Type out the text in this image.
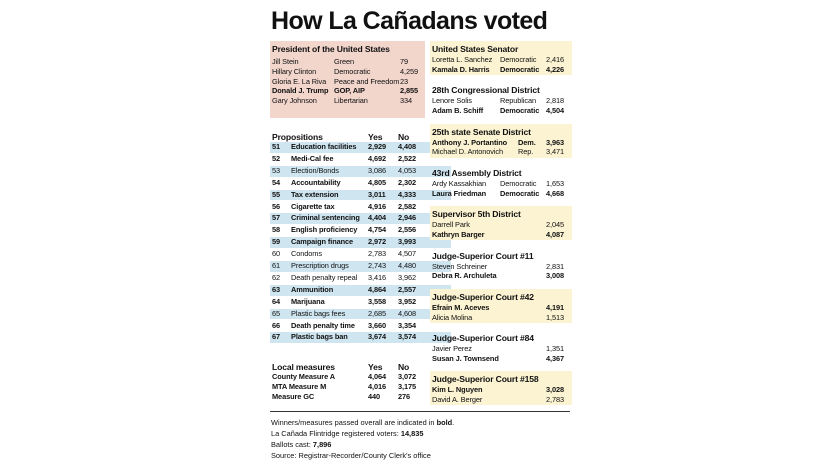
How La Cañadans voted
President of the United States
Jill Stein	Green	79
Hillary Clinton Democratic	4,259
Gloria E. La Riva Peace and Freedom 23
Donald J. Trump GOP, AIP	2,855
Gary Johnson Libertarian	334
Propositions	Yes No
51 Education facilities 2,929 4,408
52 Medi-Cal fee	4,692 2,522
53 Election/Bonds	3,086 4,053
54 Accountability	4,805 2,302
55 Tax extension	3,011 4,333
56 Cigarette tax	4,916 2,582
57 Criminal sentencing 4,404 2,946
58 English proficiency 4,754 2,556
59 Campaign finance 2,972 3,993
60 Condoms	2,783 4,507
61 Prescription drugs	2,743 4,480
62 Death penalty repeal 3,416 3,962
63 Ammunition	4,864 2,557
64 Marijuana	3,558 3,952
65 Plastic bags fees	2,685 4,608
66 Death penalty time 3,660 3,354
67 Plastic bags ban	3,674 3,574
Local measures	Yes No
County Measure A	4,064 3,072
MTA Measure M	4,016 3,175
Measure GC	440 276
United States Senator
Loretta L. Sanchez Democratic 2,416
Kamala D. Harris Democratic 4,226
28th Congressional District
Lenore Solis	Republican 2,818
Adam B. Schiff Democratic 4,504
25th state Senate District
Anthony J. Portantino Dem. 3,963
Michael D. Antonovich Rep. 3,471
43rd Assembly District
Ardy Kassakhian Democratic 1,653
Laura Friedman Democratic 4,668
Supervisor 5th District
Darrell Park	2,045
Kathryn Barger	4,087
Judge-Superior Court #11
Steven Schreiner	2,831
Debra R. Archuleta	3,008
Judge-Superior Court #42
Efrain M. Aceves	4,191
Alicia Molina	1,513
Judge-Superior Court #84
Javier Perez	1,351
Susan J. Townsend	4,367
Judge-Superior Court #158
Kim L. Nguyen	3,028
David A. Berger	2,783
Winners/measures passed overall are indicated in bold.
La Cañada Flintridge registered voters: 14,835
Ballots cast: 7,896
Source: Registrar-Recorder/County Clerk's office
